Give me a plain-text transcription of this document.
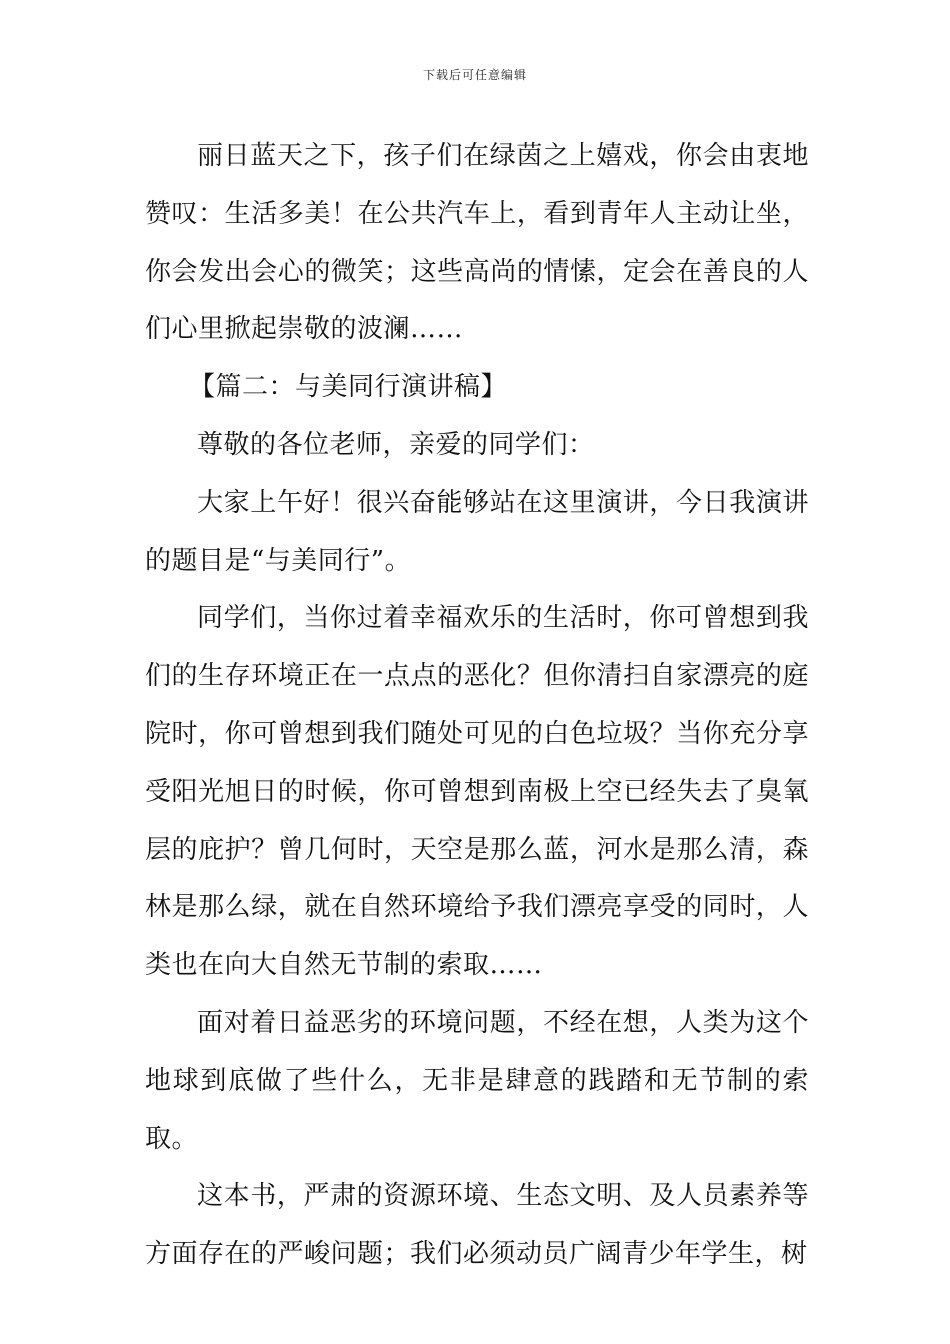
下载后可任意编辑

丽日蓝天之下，孩子们在绿茵之上嬉戏，你会由衷地赞叹：生活多美！在公共汽车上，看到青年人主动让坐，你会发出会心的微笑；这些高尚的情愫，定会在善良的人们心里掀起崇敬的波澜……

【篇二：与美同行演讲稿】

尊敬的各位老师，亲爱的同学们：

大家上午好！很兴奋能够站在这里演讲，今日我演讲的题目是“与美同行”。

同学们，当你过着幸福欢乐的生活时，你可曾想到我们的生存环境正在一点点的恶化？但你清扫自家漂亮的庭院时，你可曾想到我们随处可见的白色垃圾？当你充分享受阳光旭日的时候，你可曾想到南极上空已经失去了臭氧层的庇护？曾几何时，天空是那么蓝，河水是那么清，森林是那么绿，就在自然环境给予我们漂亮享受的同时，人类也在向大自然无节制的索取……

面对着日益恶劣的环境问题，不经在想，人类为这个地球到底做了些什么，无非是肆意的践踏和无节制的索取。

这本书，严肃的资源环境、生态文明、及人员素养等方面存在的严峻问题；我们必须动员广阔青少年学生，树
